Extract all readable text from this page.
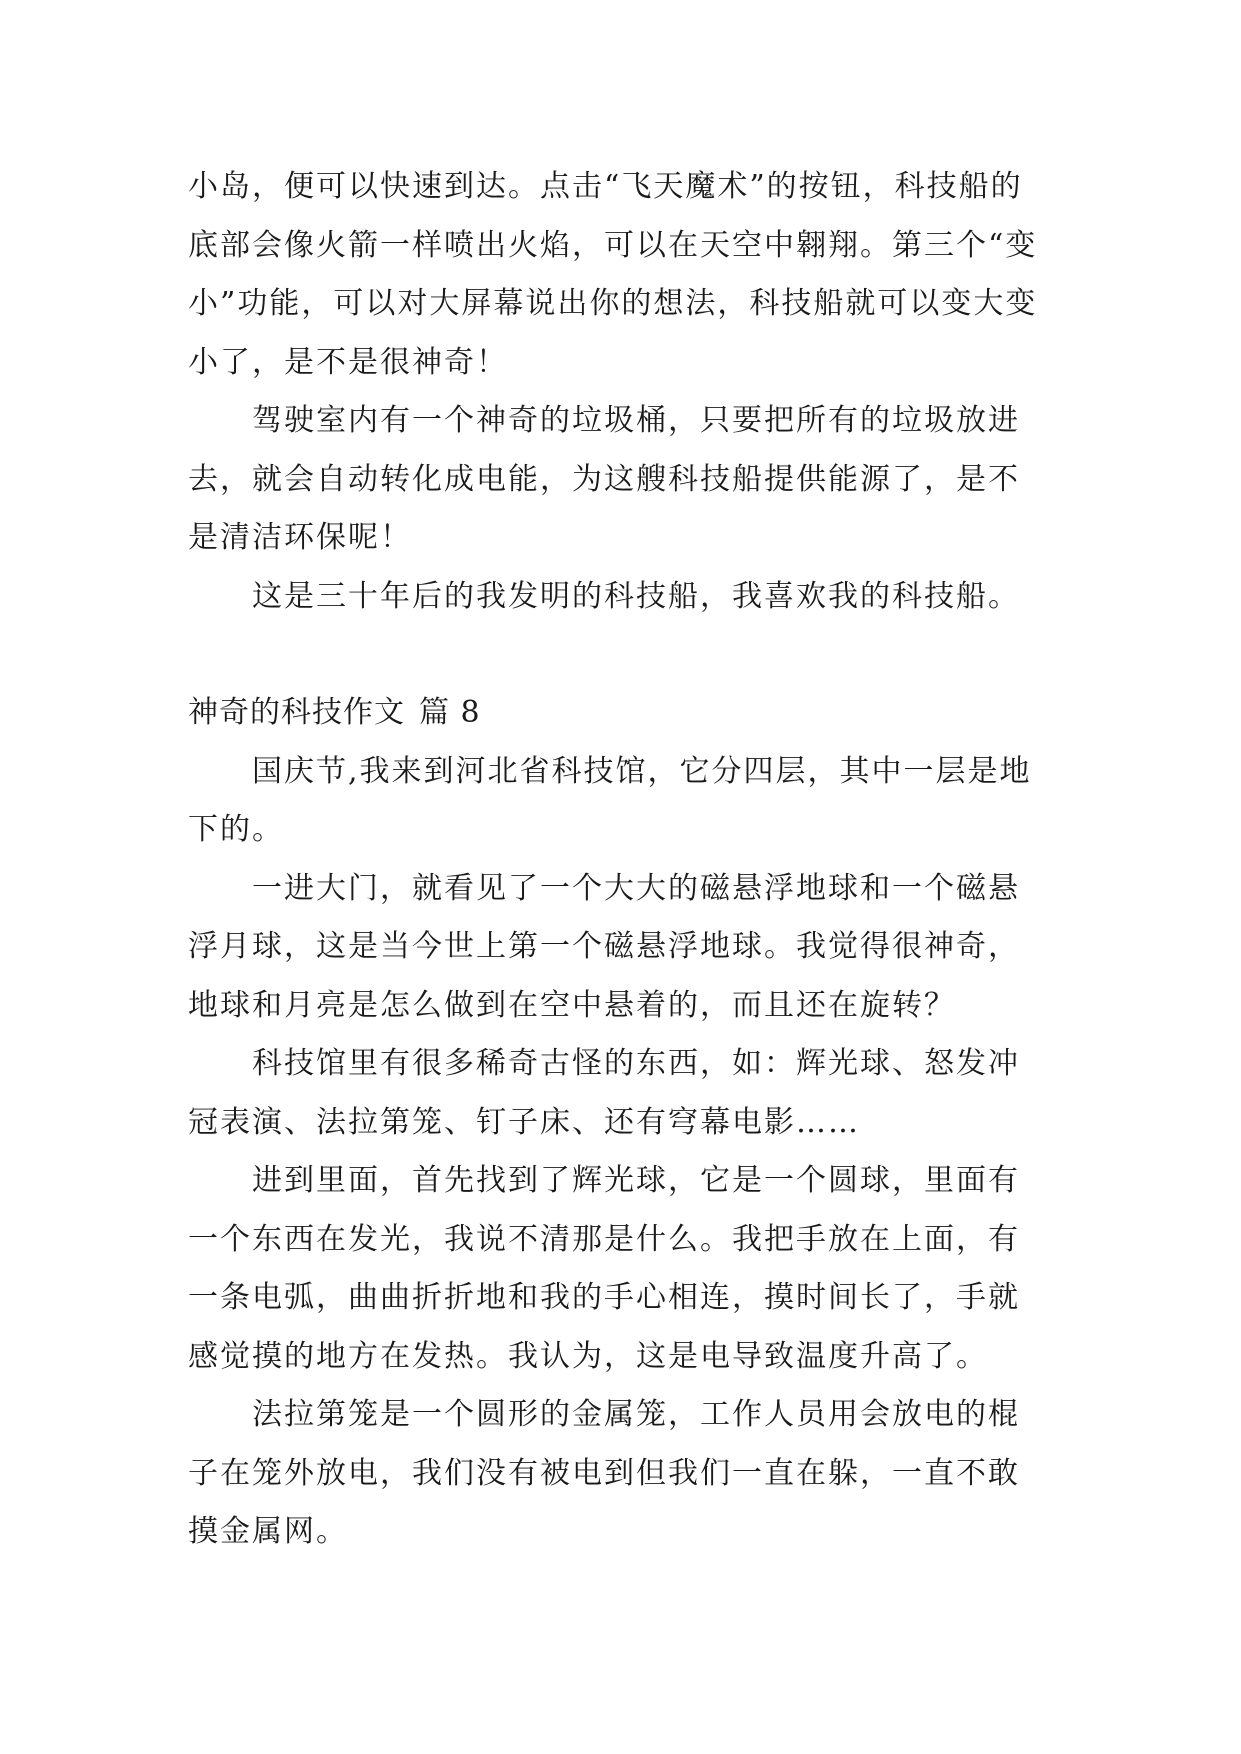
小岛，便可以快速到达。点击“飞天魔术”的按钮，科技船的底部会像火箭一样喷出火焰，可以在天空中翱翔。第三个“变小”功能，可以对大屏幕说出你的想法，科技船就可以变大变小了，是不是很神奇！

驾驶室内有一个神奇的垃圾桶，只要把所有的垃圾放进去，就会自动转化成电能，为这艘科技船提供能源了，是不是清洁环保呢！

这是三十年后的我发明的科技船，我喜欢我的科技船。

神奇的科技作文 篇 8

国庆节,我来到河北省科技馆，它分四层，其中一层是地下的。

一进大门，就看见了一个大大的磁悬浮地球和一个磁悬浮月球，这是当今世上第一个磁悬浮地球。我觉得很神奇，地球和月亮是怎么做到在空中悬着的，而且还在旋转？

科技馆里有很多稀奇古怪的东西，如：辉光球、怒发冲冠表演、法拉第笼、钉子床、还有穹幕电影……

进到里面，首先找到了辉光球，它是一个圆球，里面有一个东西在发光，我说不清那是什么。我把手放在上面，有一条电弧，曲曲折折地和我的手心相连，摸时间长了，手就感觉摸的地方在发热。我认为，这是电导致温度升高了。

法拉第笼是一个圆形的金属笼，工作人员用会放电的棍子在笼外放电，我们没有被电到但我们一直在躲，一直不敢摸金属网。
